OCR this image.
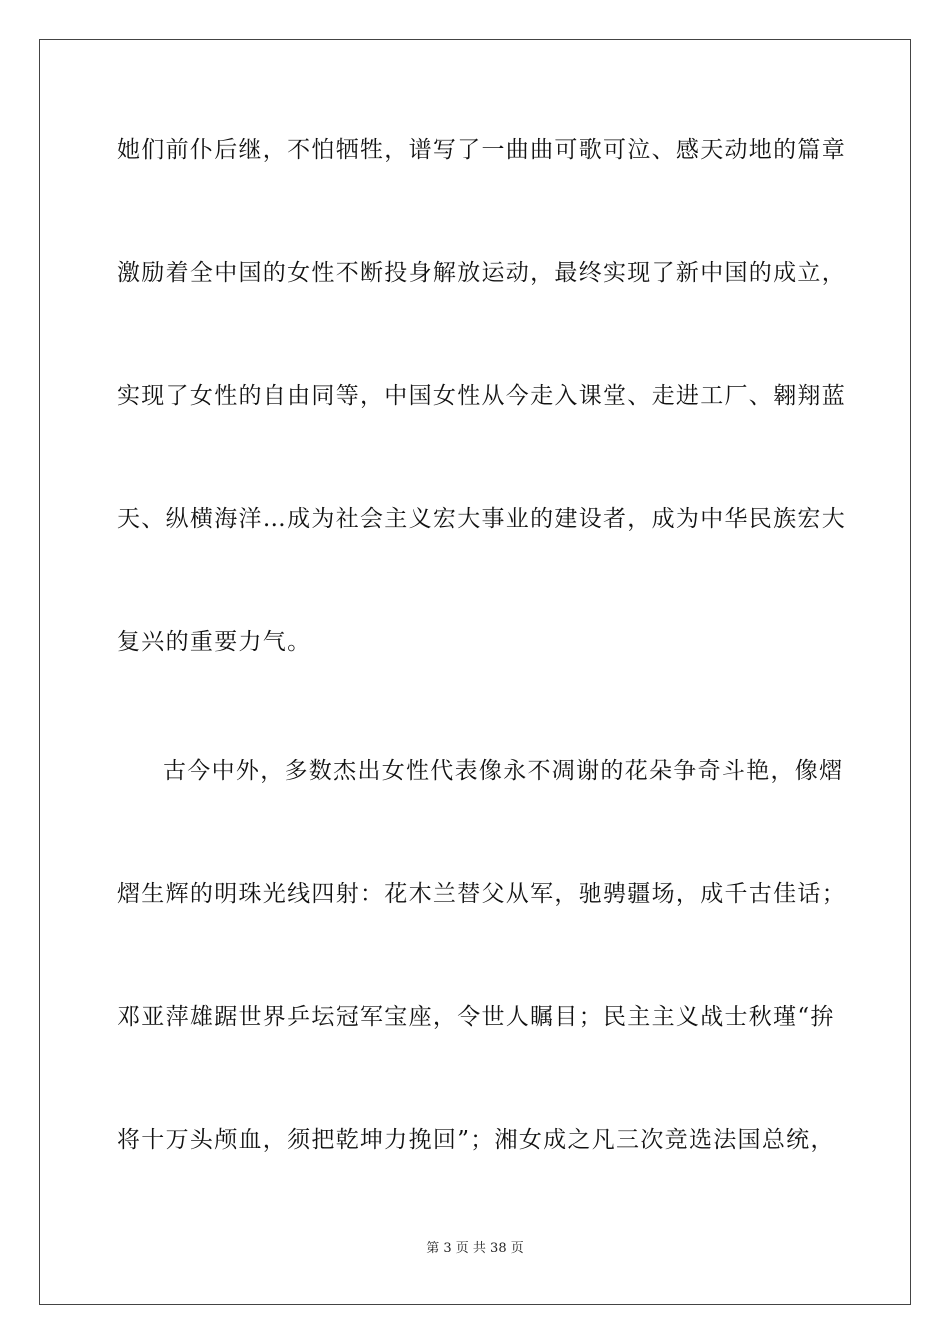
她们前仆后继，不怕牺牲，谱写了一曲曲可歌可泣、感天动地的篇章
激励着全中国的女性不断投身解放运动，最终实现了新中国的成立，
实现了女性的自由同等，中国女性从今走入课堂、走进工厂、翱翔蓝
天、纵横海洋…成为社会主义宏大事业的建设者，成为中华民族宏大
复兴的重要力气。
古今中外，多数杰出女性代表像永不凋谢的花朵争奇斗艳，像熠
熠生辉的明珠光线四射：花木兰替父从军，驰骋疆场，成千古佳话；
邓亚萍雄踞世界乒坛冠军宝座，令世人瞩目；民主主义战士秋瑾“拚
将十万头颅血，须把乾坤力挽回”；湘女成之凡三次竞选法国总统，
第 3 页 共 38 页
